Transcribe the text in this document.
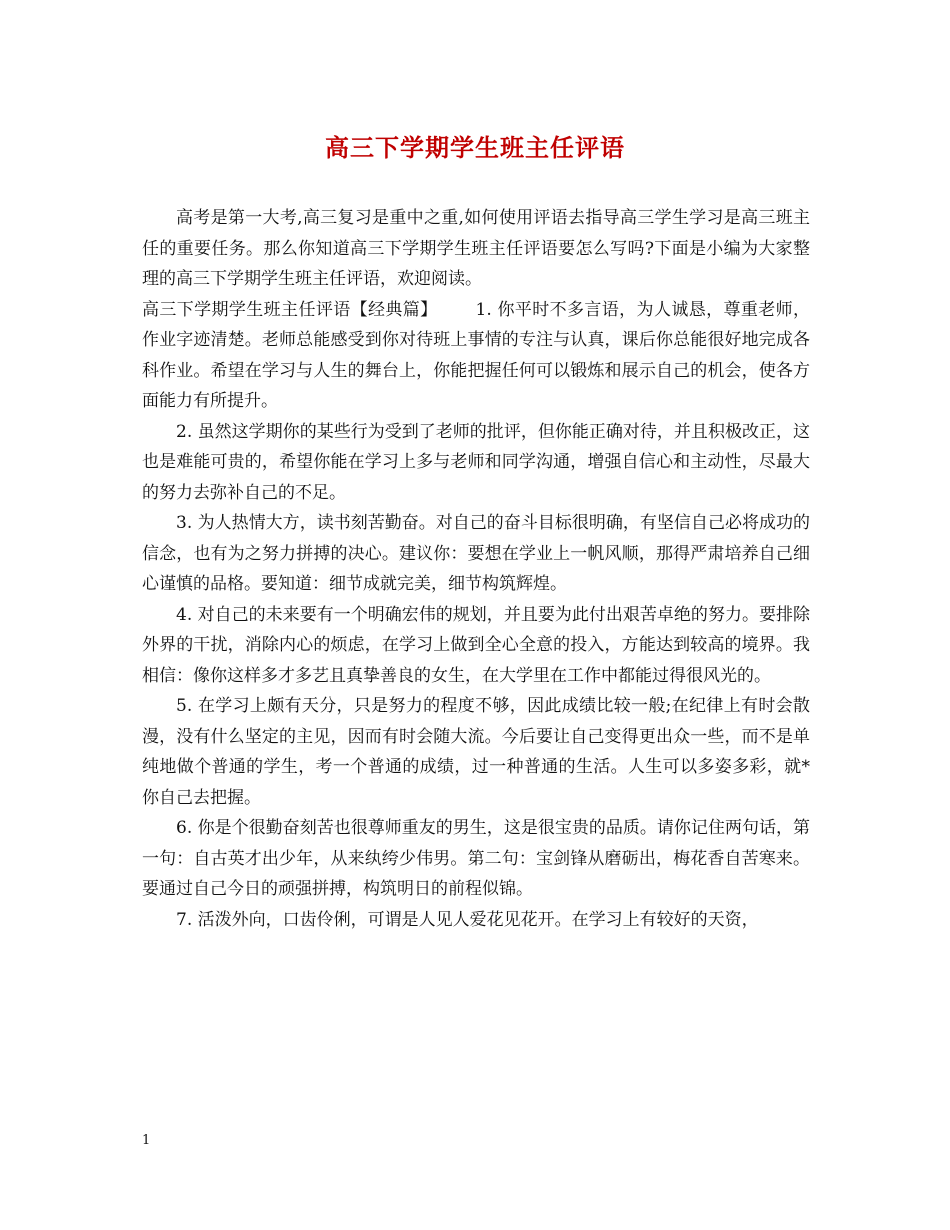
高三下学期学生班主任评语

高考是第一大考,高三复习是重中之重,如何使用评语去指导高三学生学习是高三班主任的重要任务。那么你知道高三下学期学生班主任评语要怎么写吗?下面是小编为大家整理的高三下学期学生班主任评语，欢迎阅读。

高三下学期学生班主任评语【经典篇】 1. 你平时不多言语，为人诚恳，尊重老师，作业字迹清楚。老师总能感受到你对待班上事情的专注与认真，课后你总能很好地完成各科作业。希望在学习与人生的舞台上，你能把握任何可以锻炼和展示自己的机会，使各方面能力有所提升。

2. 虽然这学期你的某些行为受到了老师的批评，但你能正确对待，并且积极改正，这也是难能可贵的，希望你能在学习上多与老师和同学沟通，增强自信心和主动性，尽最大的努力去弥补自己的不足。

3. 为人热情大方，读书刻苦勤奋。对自己的奋斗目标很明确，有坚信自己必将成功的信念，也有为之努力拼搏的决心。建议你：要想在学业上一帆风顺，那得严肃培养自己细心谨慎的品格。要知道：细节成就完美，细节构筑辉煌。

4. 对自己的未来要有一个明确宏伟的规划，并且要为此付出艰苦卓绝的努力。要排除外界的干扰，消除内心的烦虑，在学习上做到全心全意的投入，方能达到较高的境界。我相信：像你这样多才多艺且真挚善良的女生，在大学里在工作中都能过得很风光的。

5. 在学习上颇有天分，只是努力的程度不够，因此成绩比较一般;在纪律上有时会散漫，没有什么坚定的主见，因而有时会随大流。今后要让自己变得更出众一些，而不是单纯地做个普通的学生，考一个普通的成绩，过一种普通的生活。人生可以多姿多彩，就*你自己去把握。

6. 你是个很勤奋刻苦也很尊师重友的男生，这是很宝贵的品质。请你记住两句话，第一句：自古英才出少年，从来纨绔少伟男。第二句：宝剑锋从磨砺出，梅花香自苦寒来。要通过自己今日的顽强拼搏，构筑明日的前程似锦。

7. 活泼外向，口齿伶俐，可谓是人见人爱花见花开。在学习上有较好的天资，

1
